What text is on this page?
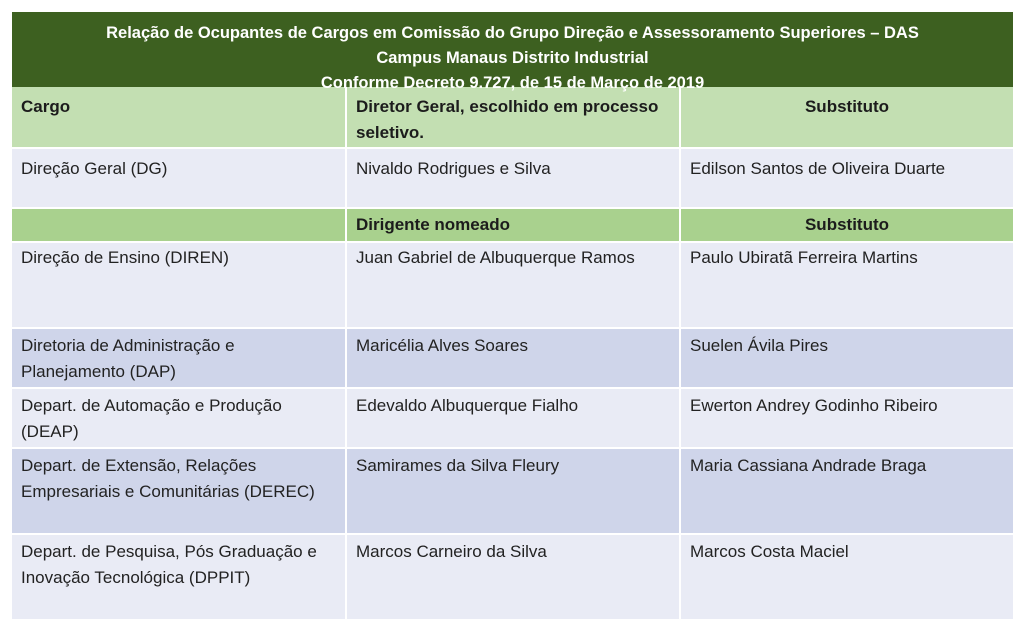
Relação de Ocupantes de Cargos em Comissão do Grupo Direção e Assessoramento Superiores – DAS
Campus Manaus Distrito Industrial
Conforme Decreto 9.727, de 15 de Março de 2019
Cargo	Diretor Geral, escolhido em processo seletivo.	Substituto
Direção Geral (DG)	Nivaldo Rodrigues e Silva	Edilson Santos de Oliveira Duarte
	Dirigente nomeado	Substituto
Direção de Ensino (DIREN)	Juan Gabriel de Albuquerque Ramos	Paulo Ubiratã Ferreira Martins
Diretoria de Administração e Planejamento (DAP)	Maricélia Alves Soares	Suelen Ávila Pires
Depart. de Automação e Produção (DEAP)	Edevaldo Albuquerque Fialho	Ewerton Andrey Godinho Ribeiro
Depart. de Extensão, Relações Empresariais e Comunitárias (DEREC)	Samirames da Silva Fleury	Maria Cassiana Andrade Braga
Depart. de Pesquisa, Pós Graduação e Inovação Tecnológica (DPPIT)	Marcos Carneiro da Silva	Marcos Costa Maciel
